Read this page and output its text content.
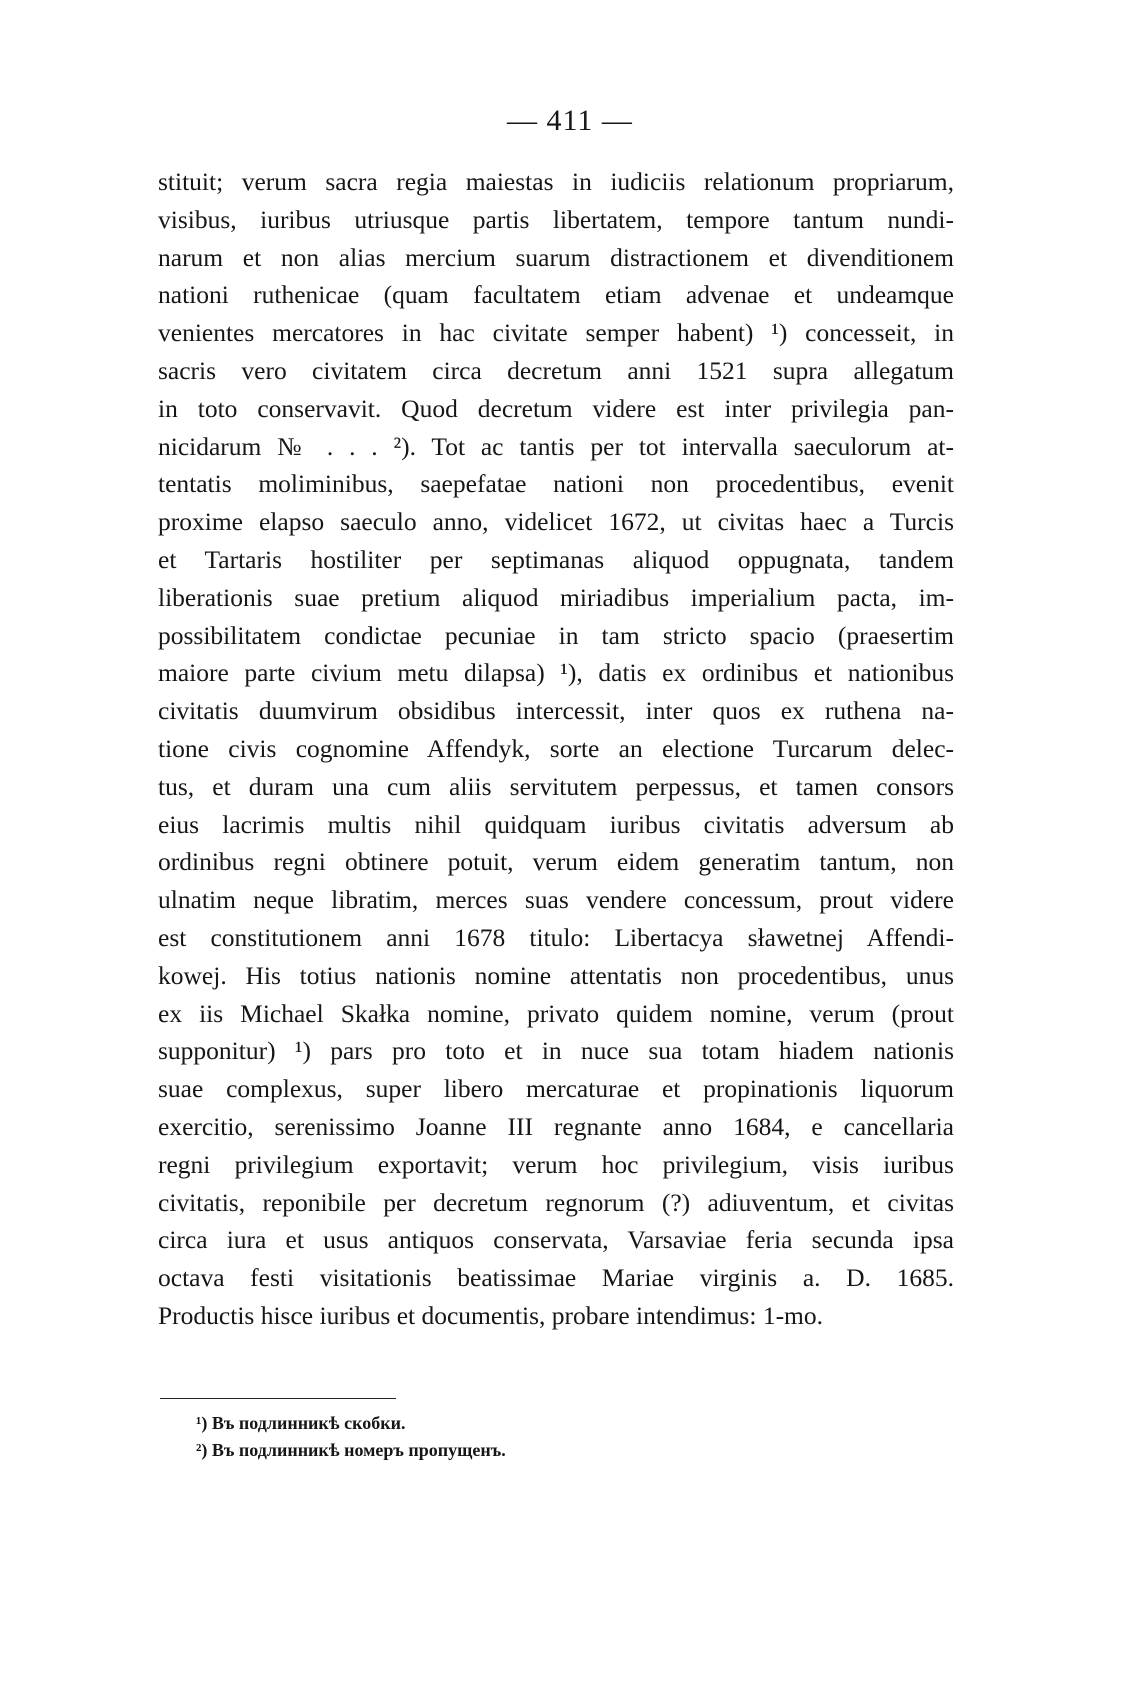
— 411 —
stituit; verum sacra regia maiestas in iudiciis relationum propriarum,
visibus, iuribus utriusque partis libertatem, tempore tantum nundi-
narum et non alias mercium suarum distractionem et divenditionem
nationi ruthenicae (quam facultatem etiam advenae et undeamque
venientes mercatores in hac civitate semper habent) ¹) concesseit, in
sacris vero civitatem circa decretum anni 1521 supra allegatum
in toto conservavit. Quod decretum videre est inter privilegia pan-
nicidarum № . . . ²). Tot ac tantis per tot intervalla saeculorum at-
tentatis moliminibus, saepefatae nationi non procedentibus, evenit
proxime elapso saeculo anno, videlicet 1672, ut civitas haec a Turcis
et Tartaris hostiliter per septimanas aliquod oppugnata, tandem
liberationis suae pretium aliquod miriadibus imperialium pacta, im-
possibilitatem condictae pecuniae in tam stricto spacio (praesertim
maiore parte civium metu dilapsa) ¹), datis ex ordinibus et nationibus
civitatis duumvirum obsidibus intercessit, inter quos ex ruthena na-
tione civis cognomine Affendyk, sorte an electione Turcarum delec-
tus, et duram una cum aliis servitutem perpessus, et tamen consors
eius lacrimis multis nihil quidquam iuribus civitatis adversum ab
ordinibus regni obtinere potuit, verum eidem generatim tantum, non
ulnatim neque libratim, merces suas vendere concessum, prout videre
est constitutionem anni 1678 titulo: Libertacya sławetnej Affendi-
kowej. His totius nationis nomine attentatis non procedentibus, unus
ex iis Michael Skałka nomine, privato quidem nomine, verum (prout
supponitur) ¹) pars pro toto et in nuce sua totam hiadem nationis
suae complexus, super libero mercaturae et propinationis liquorum
exercitio, serenissimo Joanne III regnante anno 1684, e cancellaria
regni privilegium exportavit; verum hoc privilegium, visis iuribus
civitatis, reponibile per decretum regnorum (?) adiuventum, et civitas
circa iura et usus antiquos conservata, Varsaviae feria secunda ipsa
octava festi visitationis beatissimae Mariae virginis a. D. 1685.
Productis hisce iuribus et documentis, probare intendimus: 1-mo.
¹) Въ подлинникѣ скобки.
²) Въ подлинникѣ номеръ пропущенъ.
